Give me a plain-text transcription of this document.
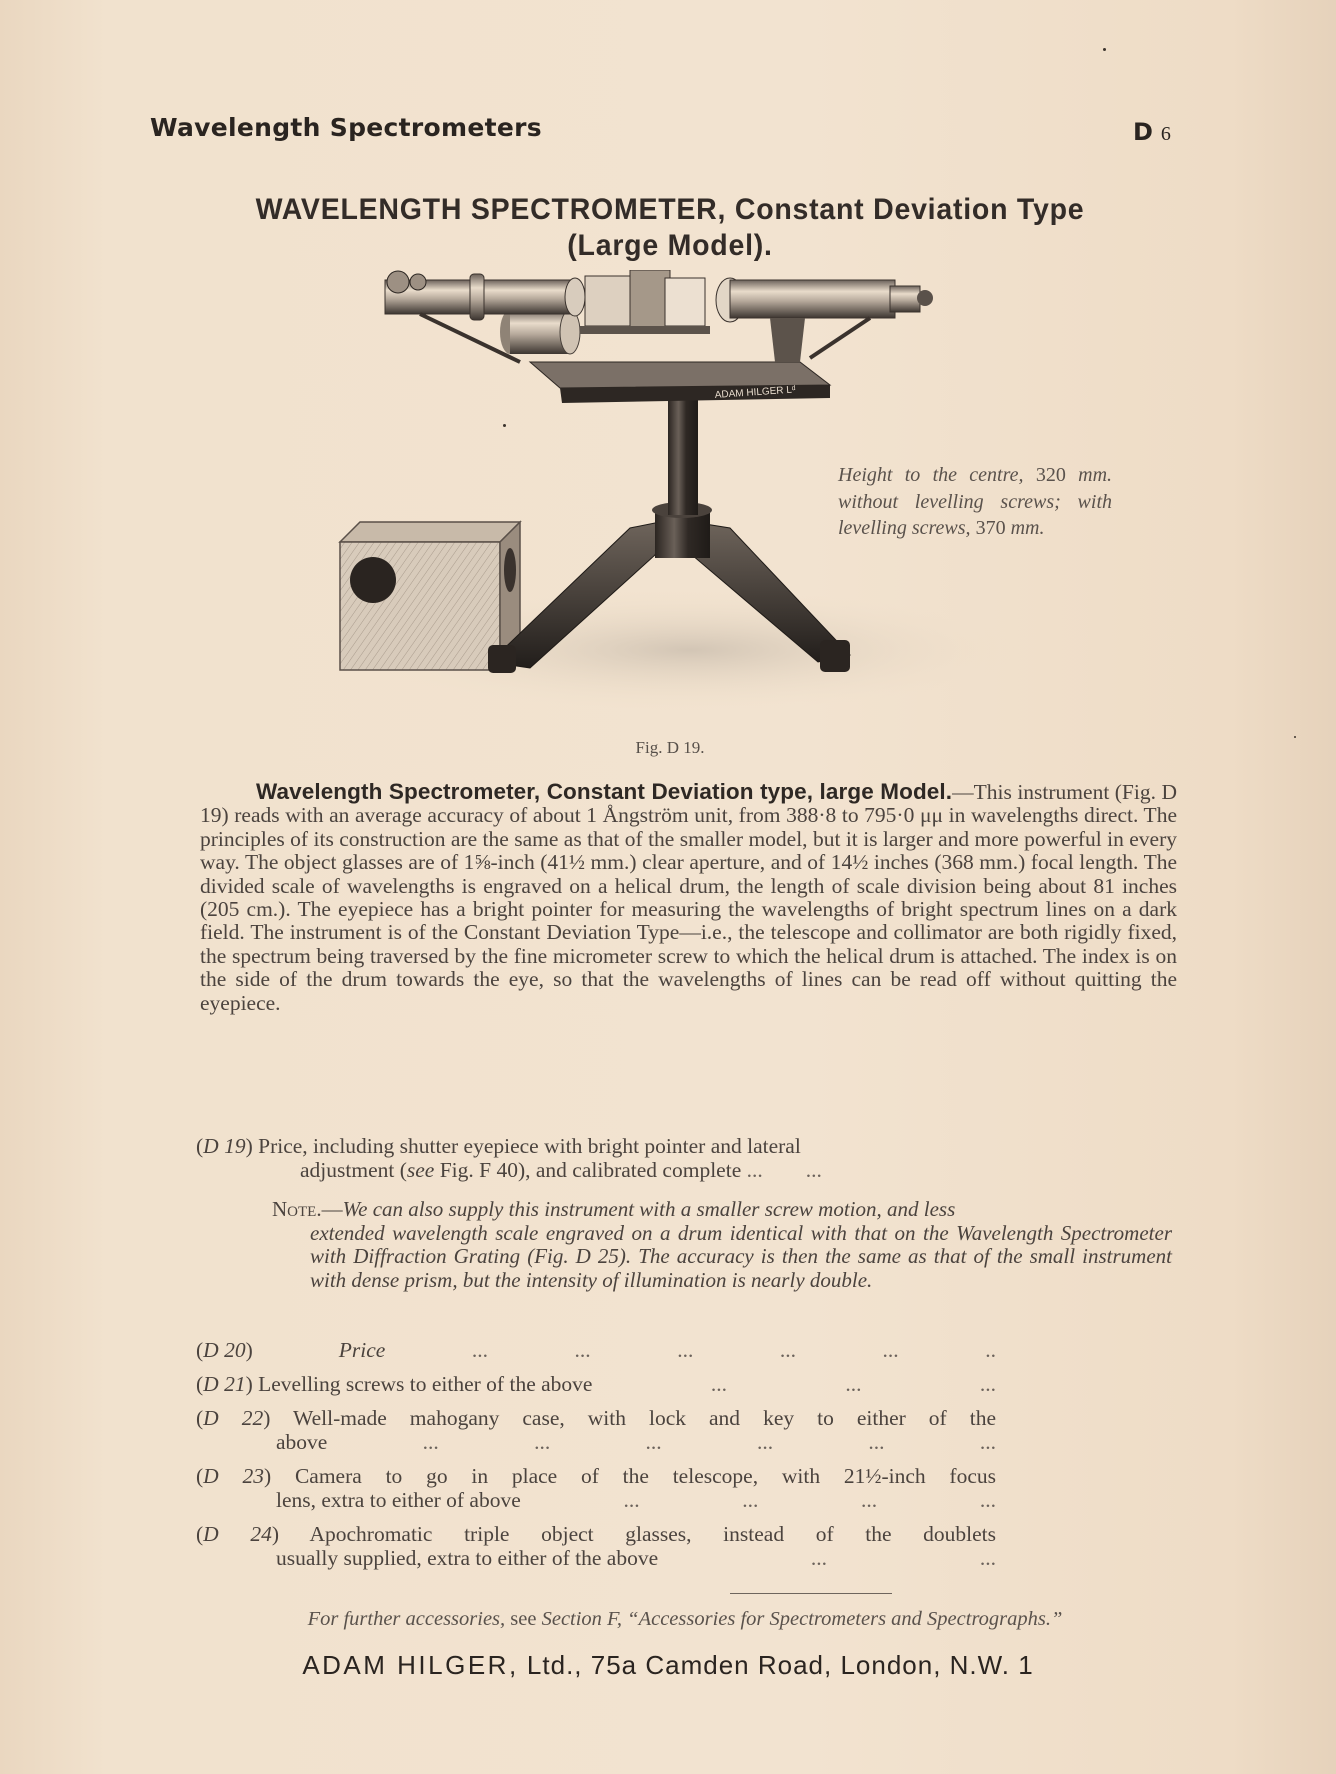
Wavelength Spectrometers	D 6
WAVELENGTH SPECTROMETER, Constant Deviation Type
(Large Model).
ADAM HILGER Lᵈ
Height to the centre, 320 mm. without levelling screws; with levelling screws, 370 mm.
Fig. D 19.
Wavelength Spectrometer, Constant Deviation type, large Model.—This instrument (Fig. D 19) reads with an average accuracy of about 1 Ångström unit, from 388·8 to 795·0 μμ in wavelengths direct. The principles of its construction are the same as that of the smaller model, but it is larger and more powerful in every way. The object glasses are of 1⅝-inch (41½ mm.) clear aperture, and of 14½ inches (368 mm.) focal length. The divided scale of wavelengths is engraved on a helical drum, the length of scale division being about 81 inches (205 cm.). The eyepiece has a bright pointer for measuring the wavelengths of bright spectrum lines on a dark field. The instrument is of the Constant Deviation Type—i.e., the telescope and collimator are both rigidly fixed, the spectrum being traversed by the fine micrometer screw to which the helical drum is attached. The index is on the side of the drum towards the eye, so that the wavelengths of lines can be read off without quitting the eyepiece.
(D 19) Price, including shutter eyepiece with bright pointer and lateral
adjustment (see Fig. F 40), and calibrated complete ...        ...
Note.—We can also supply this instrument with a smaller screw motion, and less
extended wavelength scale engraved on a drum identical with that on the Wavelength Spectrometer with Diffraction Grating (Fig. D 25). The accuracy is then the same as that of the small instrument with dense prism, but the intensity of illumination is nearly double.
(D 20)	Price	...	...	...	...	...	..
(D 21) Levelling screws to either of the above	...	...	...
(D 22) Well-made mahogany case, with lock and key to either of the
above	...	...	...	...	...	...
(D 23) Camera to go in place of the telescope, with 21½-inch focus
lens, extra to either of above	...	...	...	...
(D 24) Apochromatic triple object glasses, instead of the doublets
usually supplied, extra to either of the above	...	...
For further accessories, see Section F, “Accessories for Spectrometers and Spectrographs.”
ADAM HILGER, Ltd., 75a Camden Road, London, N.W. 1
